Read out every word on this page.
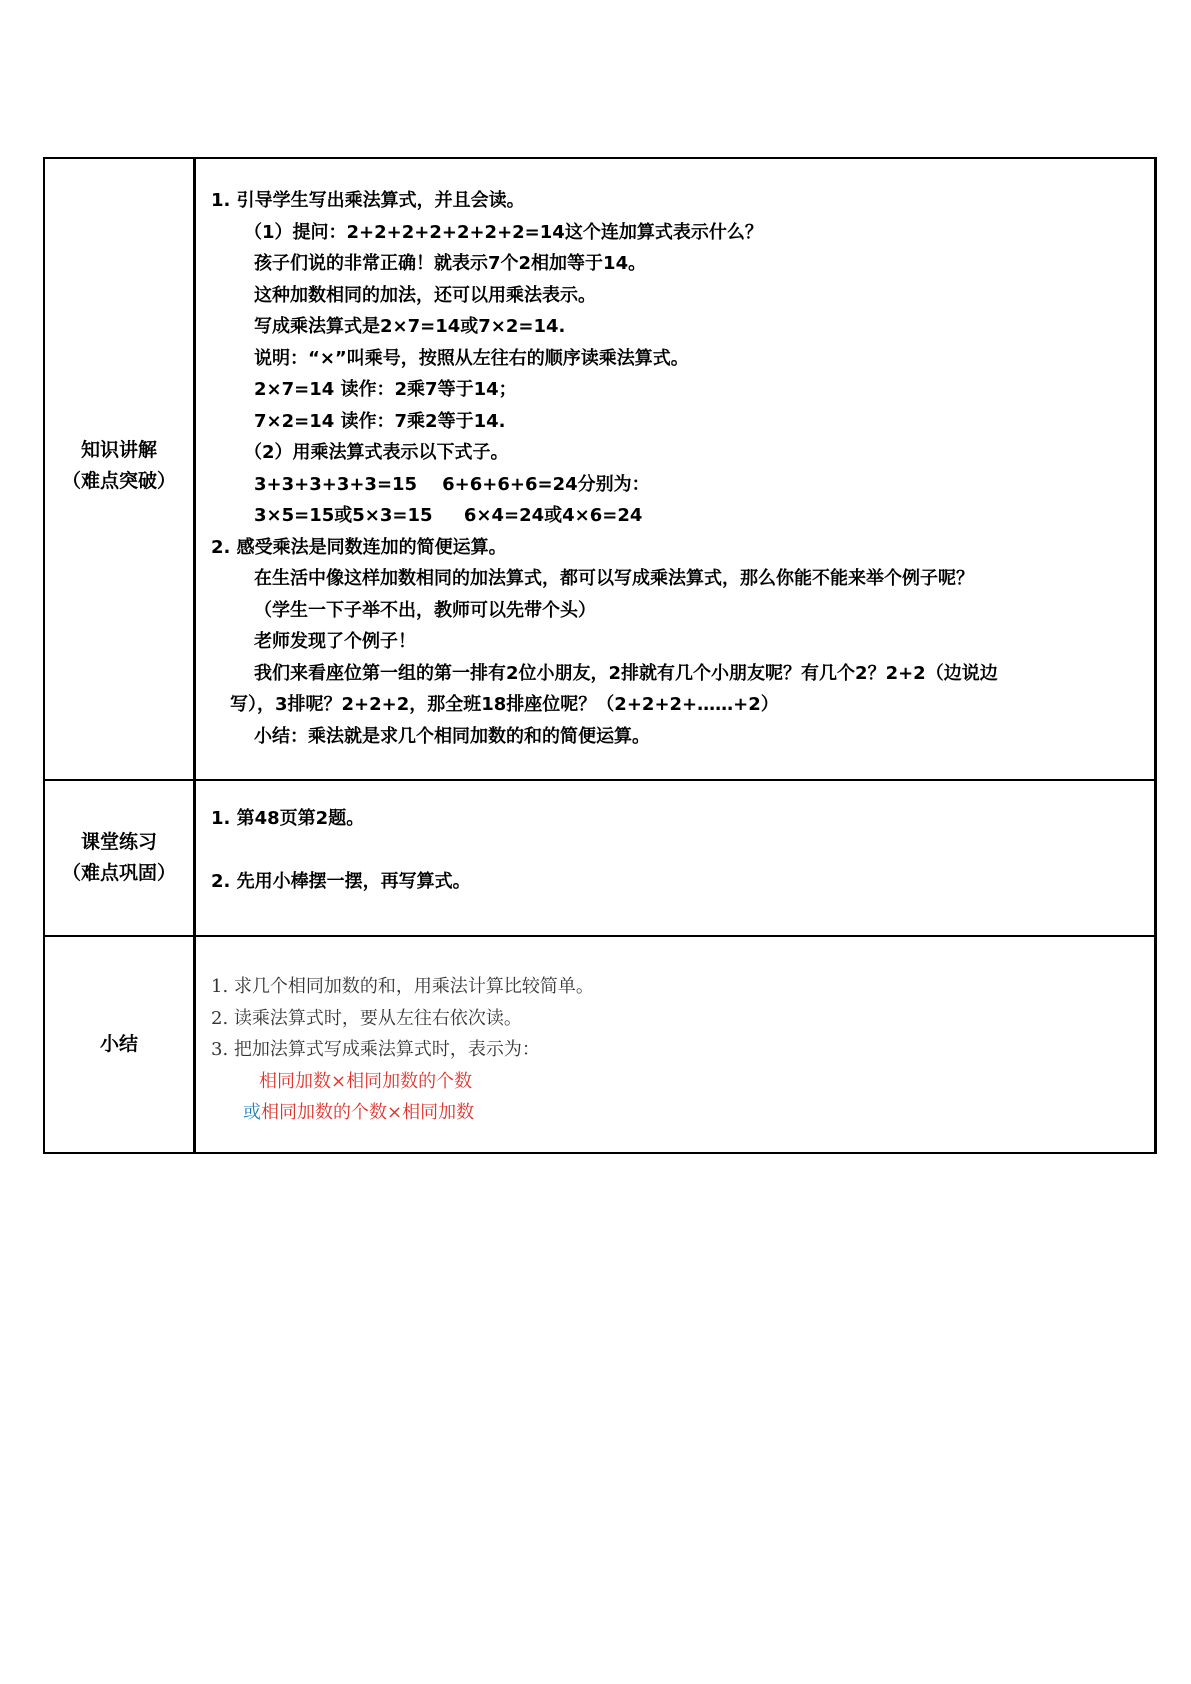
知识讲解
（难点突破）
1. 引导学生写出乘法算式，并且会读。
（1）提问：2+2+2+2+2+2+2=14这个连加算式表示什么？
孩子们说的非常正确！就表示7个2相加等于14。
这种加数相同的加法，还可以用乘法表示。
写成乘法算式是2×7=14或7×2=14.
说明：“×”叫乘号，按照从左往右的顺序读乘法算式。
2×7=14 读作：2乘7等于14；
7×2=14 读作：7乘2等于14.
（2）用乘法算式表示以下式子。
3+3+3+3+3=15    6+6+6+6=24分别为：
3×5=15或5×3=15     6×4=24或4×6=24
2. 感受乘法是同数连加的简便运算。
在生活中像这样加数相同的加法算式，都可以写成乘法算式，那么你能不能来举个例子呢？
（学生一下子举不出，教师可以先带个头）
老师发现了个例子！
我们来看座位第一组的第一排有2位小朋友，2排就有几个小朋友呢？有几个2？2+2（边说边
写），3排呢？2+2+2，那全班18排座位呢？（2+2+2+……+2）
小结：乘法就是求几个相同加数的和的简便运算。
课堂练习
（难点巩固）
1. 第48页第2题。
2. 先用小棒摆一摆，再写算式。
小结
1. 求几个相同加数的和，用乘法计算比较简单。
2. 读乘法算式时，要从左往右依次读。
3. 把加法算式写成乘法算式时，表示为：
相同加数×相同加数的个数
或相同加数的个数×相同加数
